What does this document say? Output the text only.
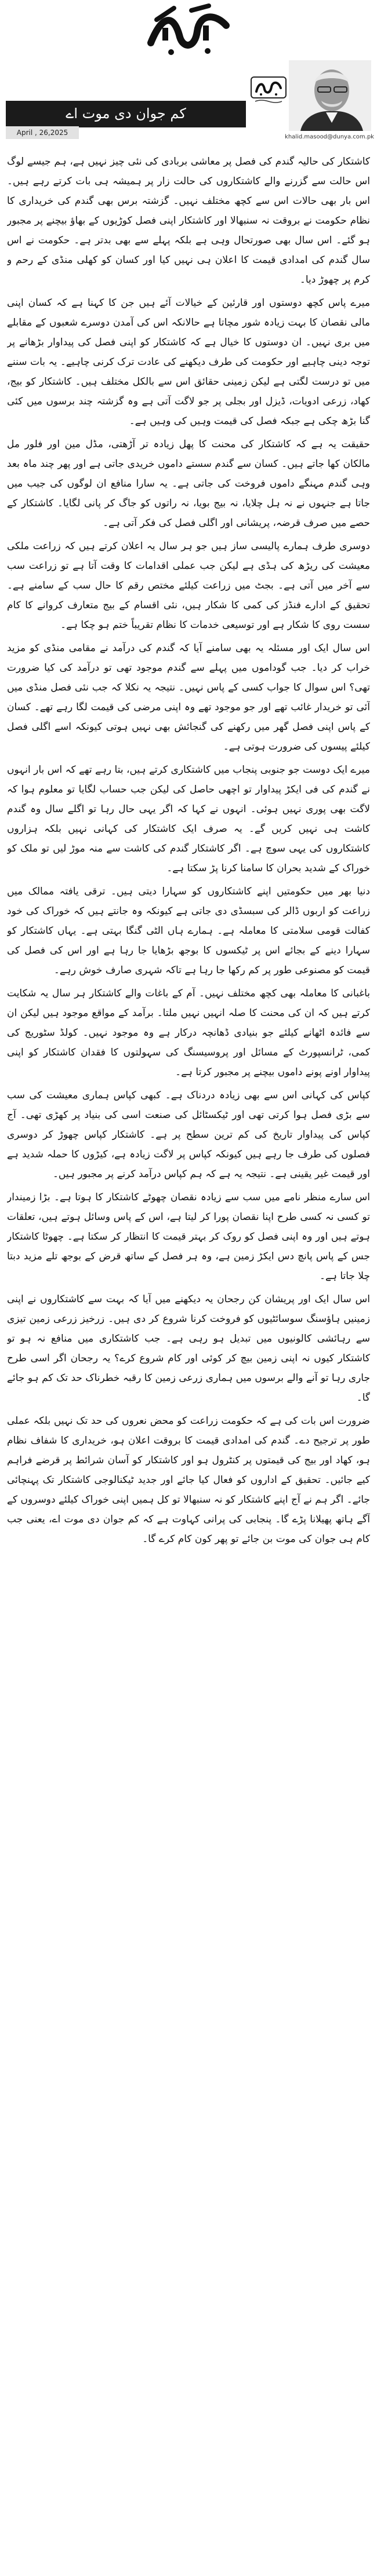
khalid.masood@dunya.com.pk
کم جوان دی موت اے
April , 26,2025

کاشتکار کی حالیہ گندم کی فصل پر معاشی بربادی کی نئی چیز نہیں ہے، ہم جیسے لوگ اس حالت سے گزرنے والے کاشتکاروں کی حالت زار پر ہمیشہ ہی بات کرتے رہے ہیں۔ اس بار بھی حالات اس سے کچھ مختلف نہیں۔ گزشتہ برس بھی گندم کی خریداری کا نظام حکومت نے بروقت نہ سنبھالا اور کاشتکار اپنی فصل کوڑیوں کے بھاؤ بیچنے پر مجبور ہو گئے۔ اس سال بھی صورتحال وہی ہے بلکہ پہلے سے بھی بدتر ہے۔ حکومت نے اس سال گندم کی امدادی قیمت کا اعلان ہی نہیں کیا اور کسان کو کھلی منڈی کے رحم و کرم پر چھوڑ دیا۔

میرے پاس کچھ دوستوں اور قارئین کے خیالات آئے ہیں جن کا کہنا ہے کہ کسان اپنی مالی نقصان کا بہت زیادہ شور مچاتا ہے حالانکہ اس کی آمدن دوسرے شعبوں کے مقابلے میں بری نہیں۔ ان دوستوں کا خیال ہے کہ کاشتکار کو اپنی فصل کی پیداوار بڑھانے پر توجہ دینی چاہیے اور حکومت کی طرف دیکھنے کی عادت ترک کرنی چاہیے۔ یہ بات سننے میں تو درست لگتی ہے لیکن زمینی حقائق اس سے بالکل مختلف ہیں۔ کاشتکار کو بیج، کھاد، زرعی ادویات، ڈیزل اور بجلی پر جو لاگت آتی ہے وہ گزشتہ چند برسوں میں کئی گنا بڑھ چکی ہے جبکہ فصل کی قیمت وہیں کی وہیں ہے۔

حقیقت یہ ہے کہ کاشتکار کی محنت کا پھل زیادہ تر آڑھتی، مڈل مین اور فلور مل مالکان کھا جاتے ہیں۔ کسان سے گندم سستے داموں خریدی جاتی ہے اور پھر چند ماہ بعد وہی گندم مہنگے داموں فروخت کی جاتی ہے۔ یہ سارا منافع ان لوگوں کی جیب میں جاتا ہے جنہوں نے نہ ہل چلایا، نہ بیج بویا، نہ راتوں کو جاگ کر پانی لگایا۔ کاشتکار کے حصے میں صرف قرضہ، پریشانی اور اگلی فصل کی فکر آتی ہے۔

دوسری طرف ہمارے پالیسی ساز ہیں جو ہر سال یہ اعلان کرتے ہیں کہ زراعت ملکی معیشت کی ریڑھ کی ہڈی ہے لیکن جب عملی اقدامات کا وقت آتا ہے تو زراعت سب سے آخر میں آتی ہے۔ بجٹ میں زراعت کیلئے مختص رقم کا حال سب کے سامنے ہے۔ تحقیق کے ادارے فنڈز کی کمی کا شکار ہیں، نئی اقسام کے بیج متعارف کروانے کا کام سست روی کا شکار ہے اور توسیعی خدمات کا نظام تقریباً ختم ہو چکا ہے۔

اس سال ایک اور مسئلہ یہ بھی سامنے آیا کہ گندم کی درآمد نے مقامی منڈی کو مزید خراب کر دیا۔ جب گوداموں میں پہلے سے گندم موجود تھی تو درآمد کی کیا ضرورت تھی؟ اس سوال کا جواب کسی کے پاس نہیں۔ نتیجہ یہ نکلا کہ جب نئی فصل منڈی میں آئی تو خریدار غائب تھے اور جو موجود تھے وہ اپنی مرضی کی قیمت لگا رہے تھے۔ کسان کے پاس اپنی فصل گھر میں رکھنے کی گنجائش بھی نہیں ہوتی کیونکہ اسے اگلی فصل کیلئے پیسوں کی ضرورت ہوتی ہے۔

میرے ایک دوست جو جنوبی پنجاب میں کاشتکاری کرتے ہیں، بتا رہے تھے کہ اس بار انہوں نے گندم کی فی ایکڑ پیداوار تو اچھی حاصل کی لیکن جب حساب لگایا تو معلوم ہوا کہ لاگت بھی پوری نہیں ہوئی۔ انہوں نے کہا کہ اگر یہی حال رہا تو اگلے سال وہ گندم کاشت ہی نہیں کریں گے۔ یہ صرف ایک کاشتکار کی کہانی نہیں بلکہ ہزاروں کاشتکاروں کی یہی سوچ ہے۔ اگر کاشتکار گندم کی کاشت سے منہ موڑ لیں تو ملک کو خوراک کے شدید بحران کا سامنا کرنا پڑ سکتا ہے۔

دنیا بھر میں حکومتیں اپنے کاشتکاروں کو سہارا دیتی ہیں۔ ترقی یافتہ ممالک میں زراعت کو اربوں ڈالر کی سبسڈی دی جاتی ہے کیونکہ وہ جانتے ہیں کہ خوراک کی خود کفالت قومی سلامتی کا معاملہ ہے۔ ہمارے ہاں الٹی گنگا بہتی ہے۔ یہاں کاشتکار کو سہارا دینے کے بجائے اس پر ٹیکسوں کا بوجھ بڑھایا جا رہا ہے اور اس کی فصل کی قیمت کو مصنوعی طور پر کم رکھا جا رہا ہے تاکہ شہری صارف خوش رہے۔

باغبانی کا معاملہ بھی کچھ مختلف نہیں۔ آم کے باغات والے کاشتکار ہر سال یہ شکایت کرتے ہیں کہ ان کی محنت کا صلہ انہیں نہیں ملتا۔ برآمد کے مواقع موجود ہیں لیکن ان سے فائدہ اٹھانے کیلئے جو بنیادی ڈھانچہ درکار ہے وہ موجود نہیں۔ کولڈ سٹوریج کی کمی، ٹرانسپورٹ کے مسائل اور پروسیسنگ کی سہولتوں کا فقدان کاشتکار کو اپنی پیداوار اونے پونے داموں بیچنے پر مجبور کرتا ہے۔

کپاس کی کہانی اس سے بھی زیادہ دردناک ہے۔ کبھی کپاس ہماری معیشت کی سب سے بڑی فصل ہوا کرتی تھی اور ٹیکسٹائل کی صنعت اسی کی بنیاد پر کھڑی تھی۔ آج کپاس کی پیداوار تاریخ کی کم ترین سطح پر ہے۔ کاشتکار کپاس چھوڑ کر دوسری فصلوں کی طرف جا رہے ہیں کیونکہ کپاس پر لاگت زیادہ ہے، کیڑوں کا حملہ شدید ہے اور قیمت غیر یقینی ہے۔ نتیجہ یہ ہے کہ ہم کپاس درآمد کرنے پر مجبور ہیں۔

اس سارے منظر نامے میں سب سے زیادہ نقصان چھوٹے کاشتکار کا ہوتا ہے۔ بڑا زمیندار تو کسی نہ کسی طرح اپنا نقصان پورا کر لیتا ہے، اس کے پاس وسائل ہوتے ہیں، تعلقات ہوتے ہیں اور وہ اپنی فصل کو روک کر بہتر قیمت کا انتظار کر سکتا ہے۔ چھوٹا کاشتکار جس کے پاس پانچ دس ایکڑ زمین ہے، وہ ہر فصل کے ساتھ قرض کے بوجھ تلے مزید دبتا چلا جاتا ہے۔

اس سال ایک اور پریشان کن رجحان یہ دیکھنے میں آیا کہ بہت سے کاشتکاروں نے اپنی زمینیں ہاؤسنگ سوسائٹیوں کو فروخت کرنا شروع کر دی ہیں۔ زرخیز زرعی زمین تیزی سے رہائشی کالونیوں میں تبدیل ہو رہی ہے۔ جب کاشتکاری میں منافع نہ ہو تو کاشتکار کیوں نہ اپنی زمین بیچ کر کوئی اور کام شروع کرے؟ یہ رجحان اگر اسی طرح جاری رہا تو آنے والے برسوں میں ہماری زرعی زمین کا رقبہ خطرناک حد تک کم ہو جائے گا۔

ضرورت اس بات کی ہے کہ حکومت زراعت کو محض نعروں کی حد تک نہیں بلکہ عملی طور پر ترجیح دے۔ گندم کی امدادی قیمت کا بروقت اعلان ہو، خریداری کا شفاف نظام ہو، کھاد اور بیج کی قیمتوں پر کنٹرول ہو اور کاشتکار کو آسان شرائط پر قرضے فراہم کیے جائیں۔ تحقیق کے اداروں کو فعال کیا جائے اور جدید ٹیکنالوجی کاشتکار تک پہنچائی جائے۔ اگر ہم نے آج اپنے کاشتکار کو نہ سنبھالا تو کل ہمیں اپنی خوراک کیلئے دوسروں کے آگے ہاتھ پھیلانا پڑے گا۔ پنجابی کی پرانی کہاوت ہے کہ کم جوان دی موت اے، یعنی جب کام ہی جوان کی موت بن جائے تو پھر کون کام کرے گا۔
